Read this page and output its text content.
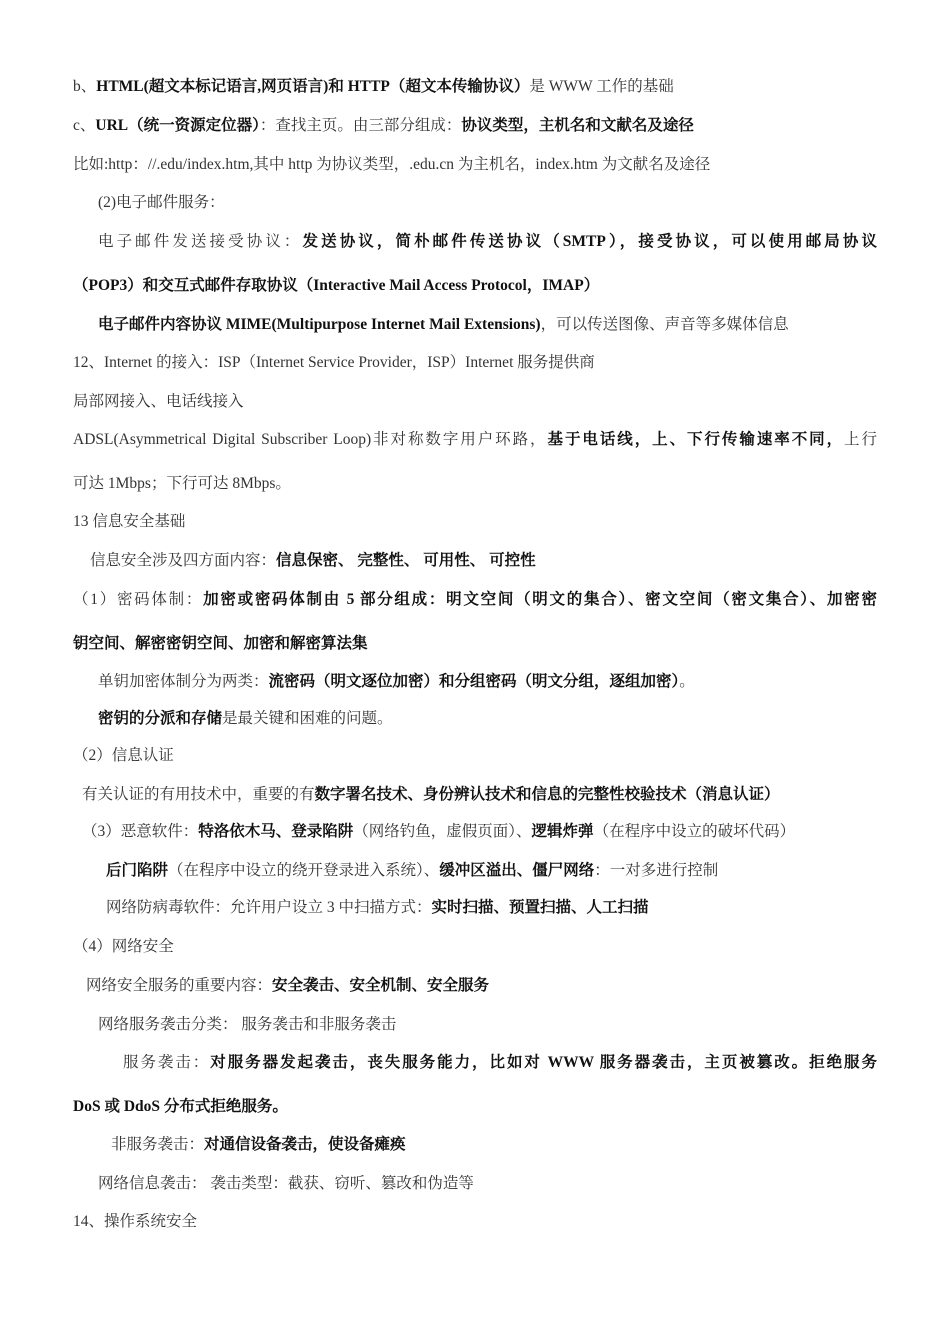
b、HTML(超文本标记语言,网页语言)和 HTTP（超文本传输协议）是 WWW 工作的基础
c、URL（统一资源定位器）：查找主页。由三部分组成：协议类型，主机名和文献名及途径
比如:http：//.edu/index.htm,其中 http 为协议类型，.edu.cn 为主机名，index.htm 为文献名及途径
(2)电子邮件服务：
电子邮件发送接受协议：发送协议，简朴邮件传送协议（SMTP），接受协议，可以使用邮局协议
（POP3）和交互式邮件存取协议（Interactive Mail Access Protocol，IMAP）
电子邮件内容协议 MIME(Multipurpose Internet Mail Extensions)，可以传送图像、声音等多媒体信息
12、Internet 的接入：ISP（Internet Service Provider，ISP）Internet 服务提供商
局部网接入、电话线接入
ADSL(Asymmetrical Digital Subscriber Loop)非对称数字用户环路，基于电话线，上、下行传输速率不同，上行
可达 1Mbps；下行可达 8Mbps。
13 信息安全基础
信息安全涉及四方面内容：信息保密、 完整性、 可用性、 可控性
（1）密码体制：加密或密码体制由 5 部分组成：明文空间（明文的集合）、密文空间（密文集合）、加密密
钥空间、解密密钥空间、加密和解密算法集
单钥加密体制分为两类：流密码（明文逐位加密）和分组密码（明文分组，逐组加密）。
密钥的分派和存储是最关键和困难的问题。
（2）信息认证
有关认证的有用技术中，重要的有数字署名技术、身份辨认技术和信息的完整性校验技术（消息认证）
（3）恶意软件：特洛依木马、登录陷阱（网络钓鱼，虚假页面）、逻辑炸弹（在程序中设立的破坏代码）
后门陷阱（在程序中设立的绕开登录进入系统）、缓冲区溢出、僵尸网络：一对多进行控制
网络防病毒软件：允许用户设立 3 中扫描方式：实时扫描、预置扫描、人工扫描
（4）网络安全
网络安全服务的重要内容：安全袭击、安全机制、安全服务
网络服务袭击分类： 服务袭击和非服务袭击
服务袭击：对服务器发起袭击，丧失服务能力，比如对 WWW 服务器袭击，主页被篡改。拒绝服务
DoS 或 DdoS 分布式拒绝服务。
非服务袭击：对通信设备袭击，使设备瘫痪
网络信息袭击： 袭击类型：截获、窃听、篡改和伪造等
14、操作系统安全
